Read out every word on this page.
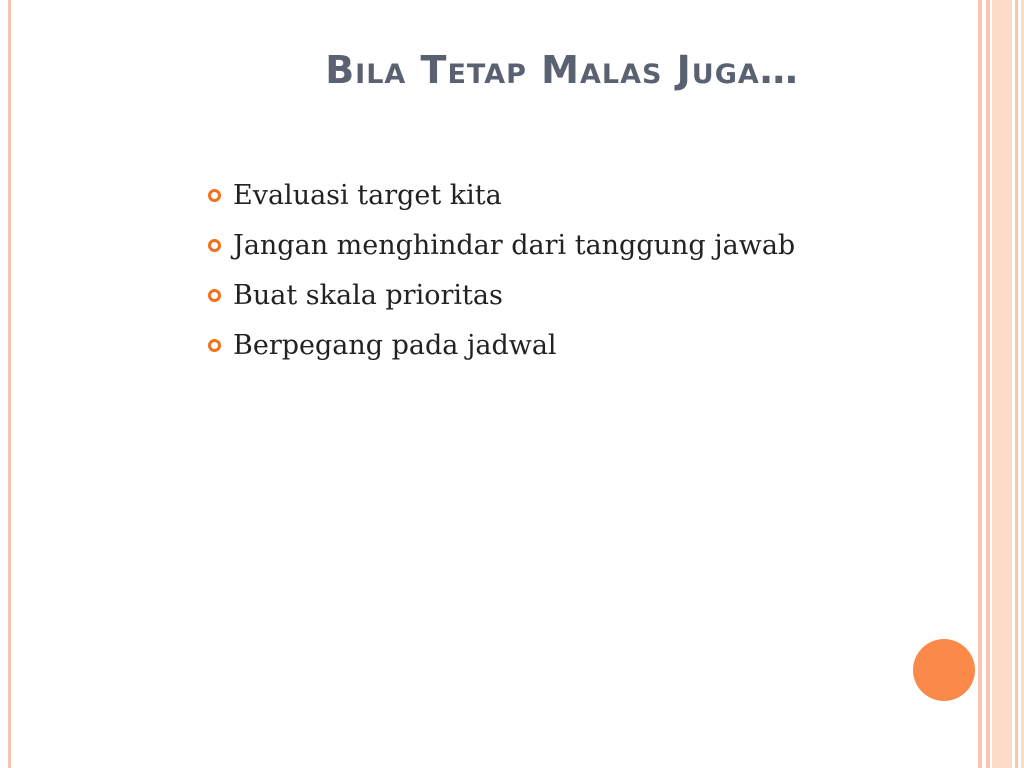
Bila Tetap Malas Juga…
Evaluasi target kita
Jangan menghindar dari tanggung jawab
Buat skala prioritas
Berpegang pada jadwal
